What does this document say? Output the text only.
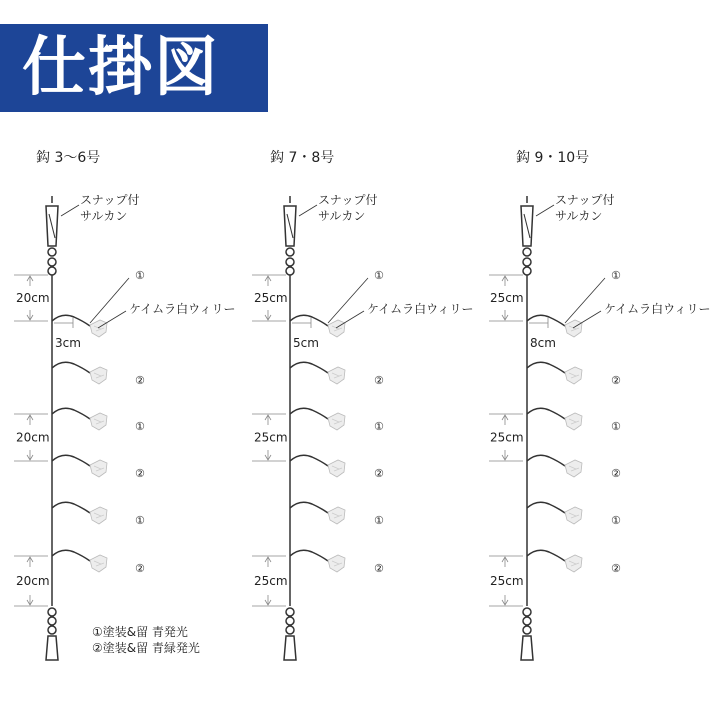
仕掛図
鈎 3〜6号
スナップ付
サルカン
①
②
①
②
①
②
3cm
ケイムラ白ウィリー
20cm
20cm
20cm
鈎 7・8号
スナップ付
サルカン
①
②
①
②
①
②
5cm
ケイムラ白ウィリー
25cm
25cm
25cm
鈎 9・10号
スナップ付
サルカン
①
②
①
②
①
②
8cm
ケイムラ白ウィリー
25cm
25cm
25cm
①塗装&留 青発光
②塗装&留 青緑発光
